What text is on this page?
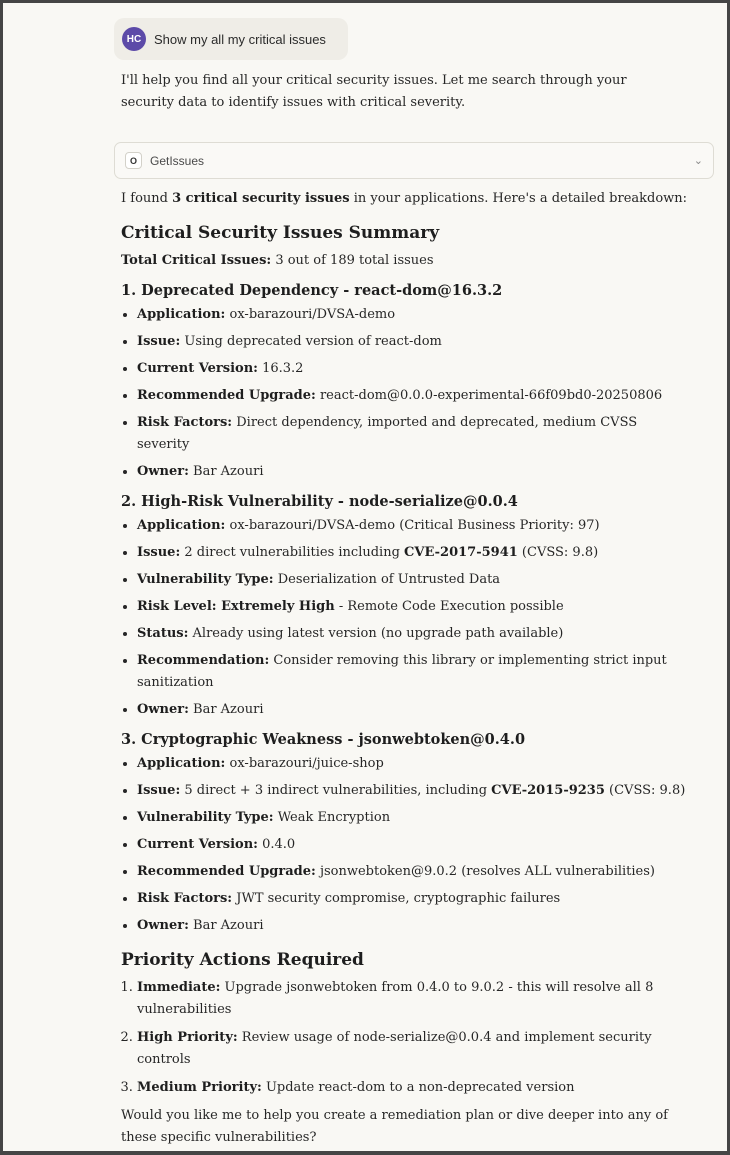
HC Show my all my critical issues

I'll help you find all your critical security issues. Let me search through your security data to identify issues with critical severity.

O	GetIssues	⌄

I found 3 critical security issues in your applications. Here's a detailed breakdown:

Critical Security Issues Summary

Total Critical Issues: 3 out of 189 total issues

1. Deprecated Dependency - react-dom@16.3.2
• Application: ox-barazouri/DVSA-demo
• Issue: Using deprecated version of react-dom
• Current Version: 16.3.2
• Recommended Upgrade: react-dom@0.0.0-experimental-66f09bd0-20250806
• Risk Factors: Direct dependency, imported and deprecated, medium CVSS severity
• Owner: Bar Azouri
2. High-Risk Vulnerability - node-serialize@0.0.4
• Application: ox-barazouri/DVSA-demo (Critical Business Priority: 97)
• Issue: 2 direct vulnerabilities including CVE-2017-5941 (CVSS: 9.8)
• Vulnerability Type: Deserialization of Untrusted Data
• Risk Level: Extremely High - Remote Code Execution possible
• Status: Already using latest version (no upgrade path available)
• Recommendation: Consider removing this library or implementing strict input sanitization
• Owner: Bar Azouri
3. Cryptographic Weakness - jsonwebtoken@0.4.0
• Application: ox-barazouri/juice-shop
• Issue: 5 direct + 3 indirect vulnerabilities, including CVE-2015-9235 (CVSS: 9.8)
• Vulnerability Type: Weak Encryption
• Current Version: 0.4.0
• Recommended Upgrade: jsonwebtoken@9.0.2 (resolves ALL vulnerabilities)
• Risk Factors: JWT security compromise, cryptographic failures
• Owner: Bar Azouri
Priority Actions Required
1. Immediate: Upgrade jsonwebtoken from 0.4.0 to 9.0.2 - this will resolve all 8 vulnerabilities
2. High Priority: Review usage of node-serialize@0.0.4 and implement security controls
3. Medium Priority: Update react-dom to a non-deprecated version

Would you like me to help you create a remediation plan or dive deeper into any of these specific vulnerabilities?
